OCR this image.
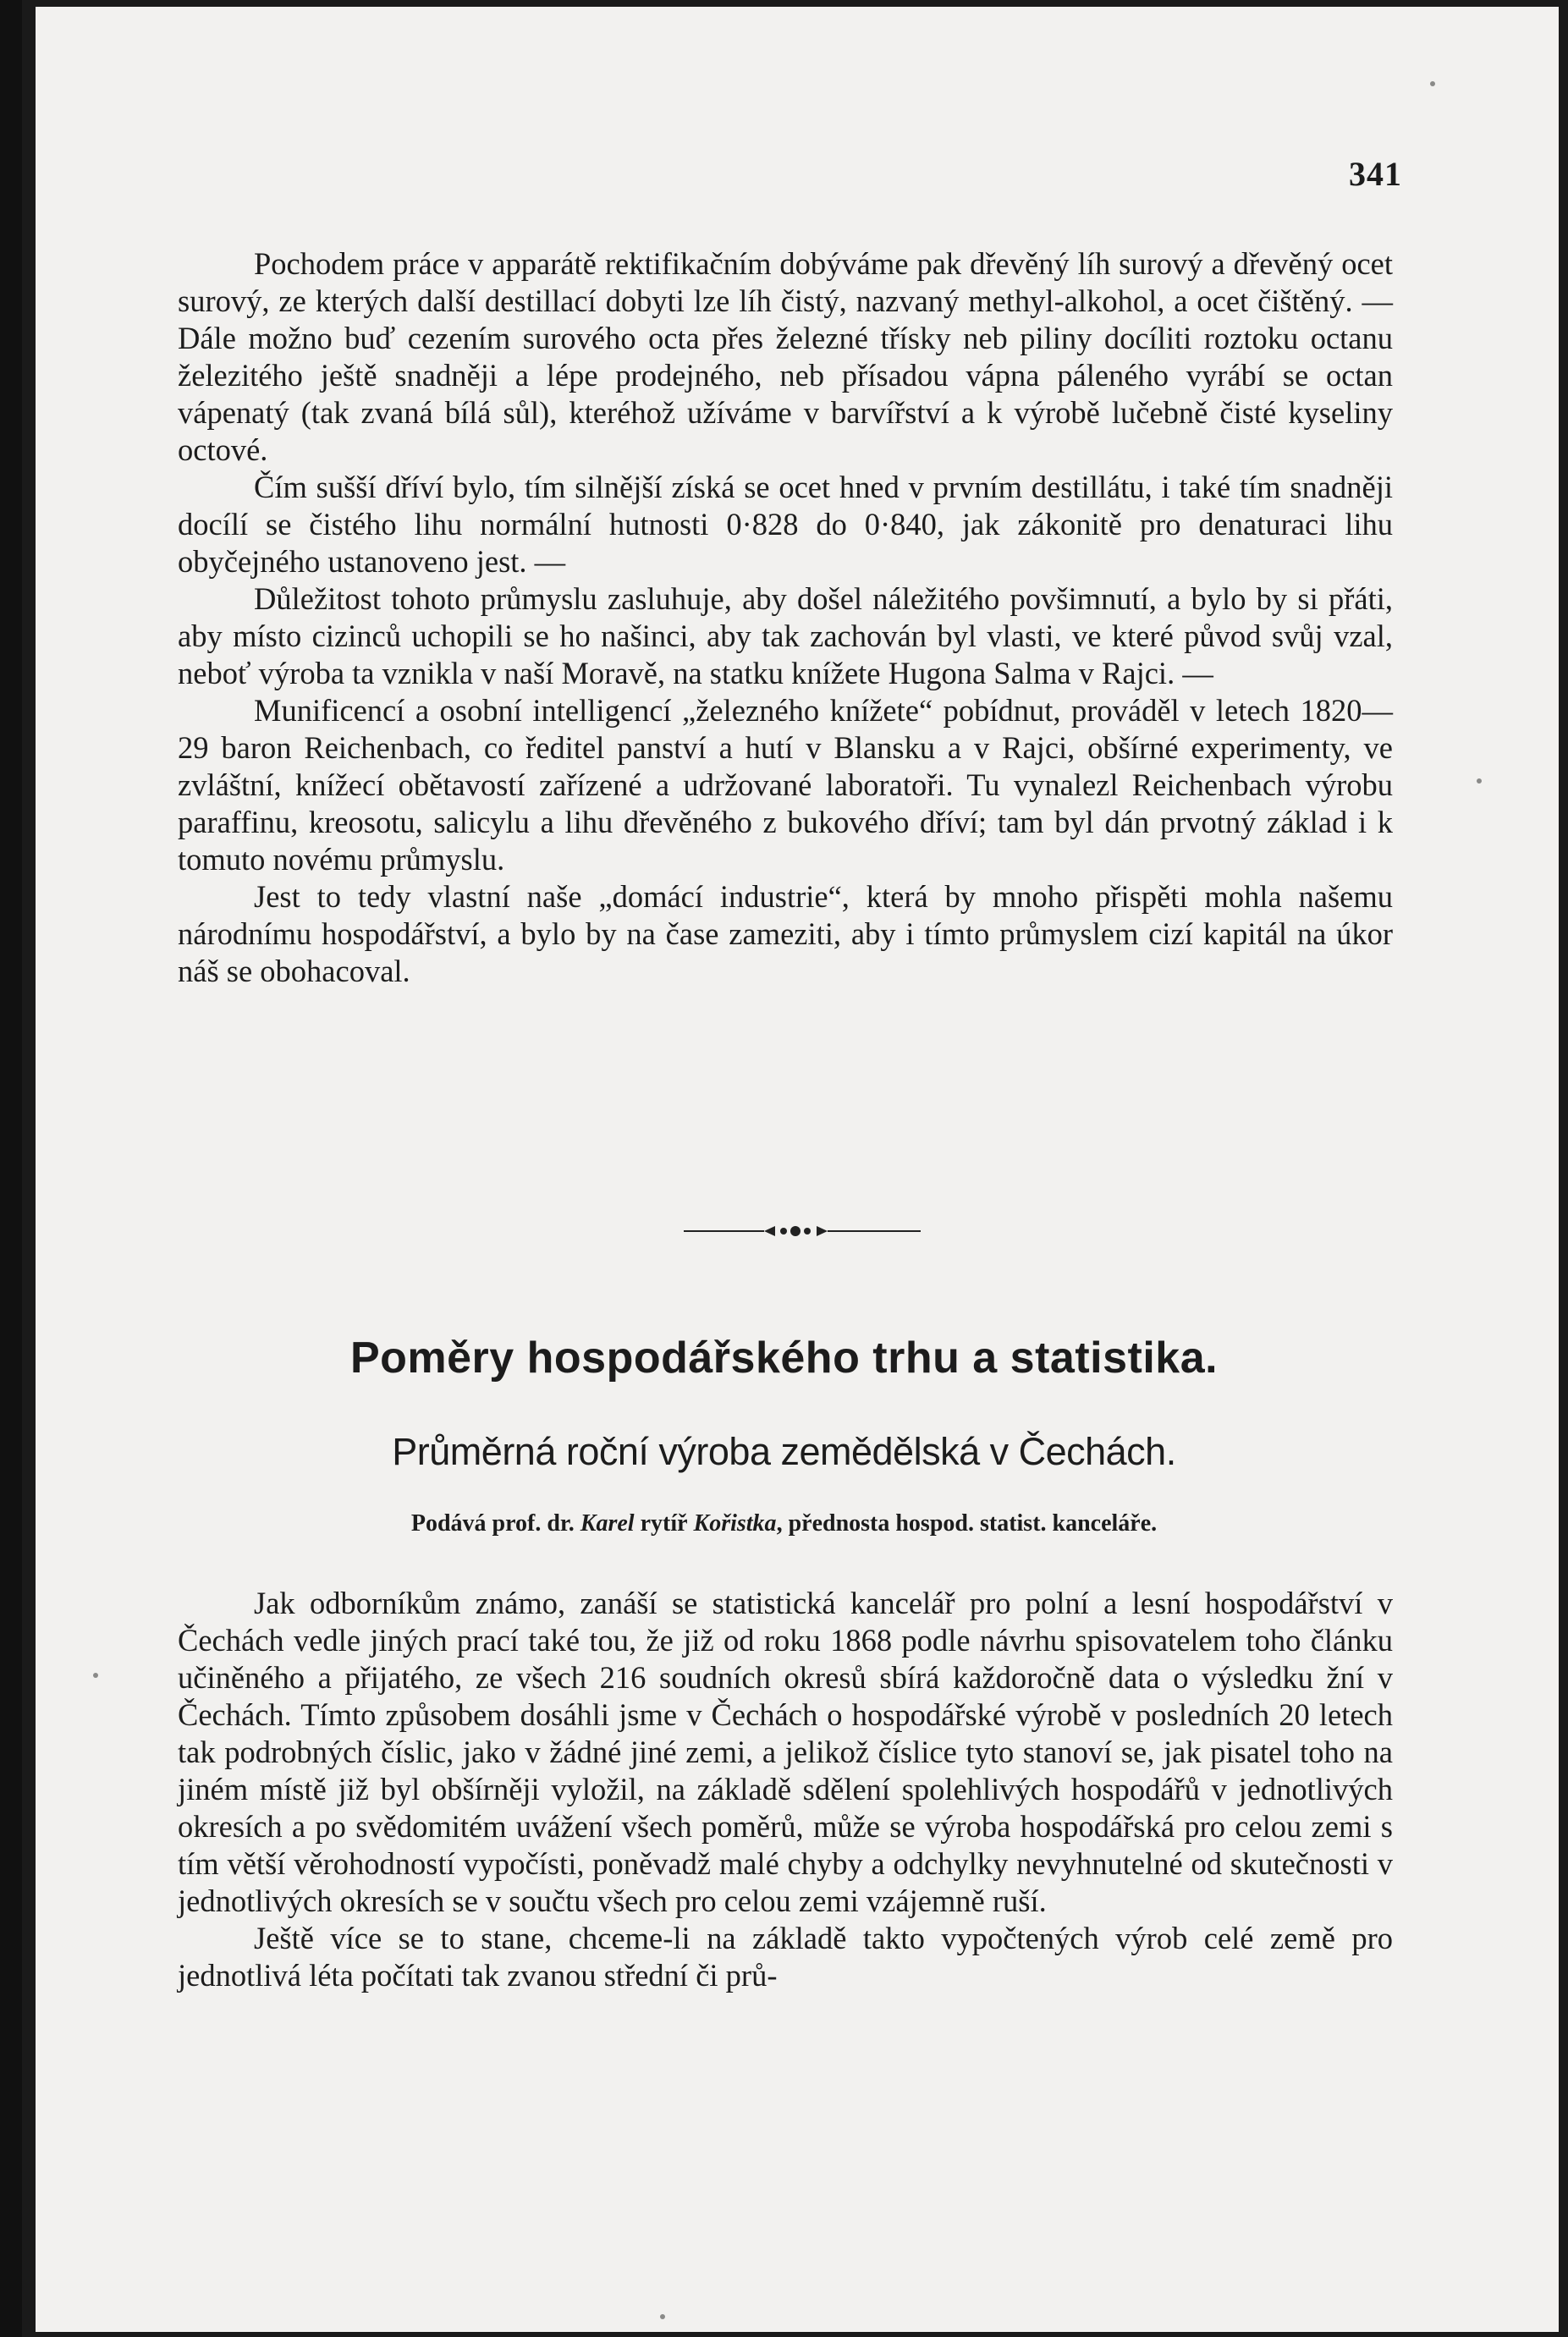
341

Pochodem práce v apparátě rektifikačním dobýváme pak dřevěný líh surový a dřevěný ocet surový, ze kterých další destillací dobyti lze líh čistý, nazvaný methyl-alkohol, a ocet čištěný. — Dále možno buď cezením surového octa přes železné třísky neb piliny docíliti roztoku octanu železitého ještě snadněji a lépe prodejného, neb přísadou vápna páleného vyrábí se octan vápenatý (tak zvaná bílá sůl), kteréhož užíváme v barvířství a k výrobě lučebně čisté kyseliny octové.

Čím sušší dříví bylo, tím silnější získá se ocet hned v prvním destillátu, i také tím snadněji docílí se čistého lihu normální hutnosti 0·828 do 0·840, jak zákonitě pro denaturaci lihu obyčejného ustanoveno jest. —

Důležitost tohoto průmyslu zasluhuje, aby došel náležitého povšimnutí, a bylo by si přáti, aby místo cizinců uchopili se ho našinci, aby tak zachován byl vlasti, ve které původ svůj vzal, neboť výroba ta vznikla v naší Moravě, na statku knížete Hugona Salma v Rajci. —

Munificencí a osobní intelligencí „železného knížete“ pobídnut, prováděl v letech 1820—29 baron Reichenbach, co ředitel panství a hutí v Blansku a v Rajci, obšírné experimenty, ve zvláštní, knížecí obětavostí zařízené a udržované laboratoři. Tu vynalezl Reichenbach výrobu paraffinu, kreosotu, salicylu a lihu dřevěného z bukového dříví; tam byl dán prvotný základ i k tomuto novému průmyslu.

Jest to tedy vlastní naše „domácí industrie“, která by mnoho přispěti mohla našemu národnímu hospodářství, a bylo by na čase zameziti, aby i tímto průmyslem cizí kapitál na úkor náš se obohacoval.

Poměry hospodářského trhu a statistika.
Průměrná roční výroba zemědělská v Čechách.
Podává prof. dr. Karel rytíř Kořistka, přednosta hospod. statist. kanceláře.

Jak odborníkům známo, zanáší se statistická kancelář pro polní a lesní hospodářství v Čechách vedle jiných prací také tou, že již od roku 1868 podle návrhu spisovatelem toho článku učiněného a přijatého, ze všech 216 soudních okresů sbírá každoročně data o výsledku žní v Čechách. Tímto způsobem dosáhli jsme v Čechách o hospodářské výrobě v posledních 20 letech tak podrobných číslic, jako v žádné jiné zemi, a jelikož číslice tyto stanoví se, jak pisatel toho na jiném místě již byl obšírněji vyložil, na základě sdělení spolehlivých hospodářů v jednotlivých okresích a po svědomitém uvážení všech poměrů, může se výroba hospodářská pro celou zemi s tím větší věrohodností vypočísti, poněvadž malé chyby a odchylky nevyhnutelné od skutečnosti v jednotlivých okresích se v součtu všech pro celou zemi vzájemně ruší.

Ještě více se to stane, chceme-li na základě takto vypočtených výrob celé země pro jednotlivá léta počítati tak zvanou střední či prů-
